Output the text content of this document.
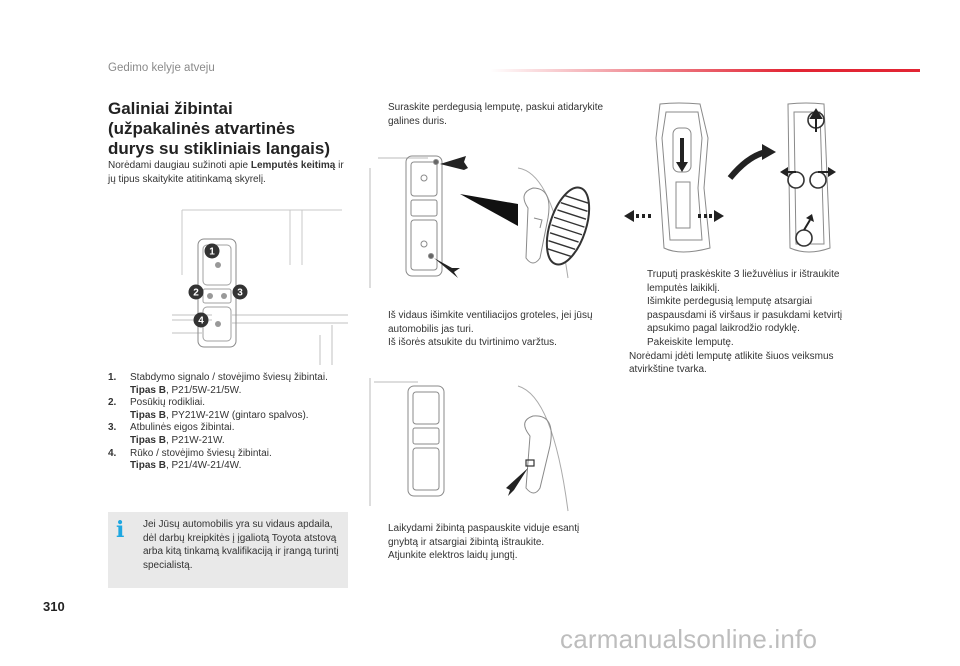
Gedimo kelyje atveju
Galiniai žibintai
(užpakalinės atvartinės
durys su stikliniais langais)
Norėdami daugiau sužinoti apie Lemputės keitimą ir jų tipus skaitykite atitinkamą skyrelį.
1
2	3
4
1. Stabdymo signalo / stovėjimo šviesų žibintai.
Tipas B, P21/5W-21/5W.
2. Posūkių rodikliai.
Tipas B, PY21W-21W (gintaro spalvos).
3. Atbulinės eigos žibintai.
Tipas B, P21W-21W.
4. Rūko / stovėjimo šviesų žibintai.
Tipas B, P21/4W-21/4W.
i Jei Jūsų automobilis yra su vidaus apdaila, dėl darbų kreipkitės į įgaliotą Toyota atstovą arba kitą tinkamą kvalifikaciją ir įrangą turintį specialistą.
Suraskite perdegusią lemputę, paskui atidarykite galines duris.
Iš vidaus išimkite ventiliacijos groteles, jei jūsų automobilis jas turi.
Iš išorės atsukite du tvirtinimo varžtus.
Laikydami žibintą paspauskite viduje esantį gnybtą ir atsargiai žibintą ištraukite.
Atjunkite elektros laidų jungtį.
Truputį praskėskite 3 liežuvėlius ir ištraukite lemputės laikiklį.
Išimkite perdegusią lemputę atsargiai paspausdami iš viršaus ir pasukdami ketvirtį apsukimo pagal laikrodžio rodyklę.
Pakeiskite lemputę.
Norėdami įdėti lemputę atlikite šiuos veiksmus atvirkštine tvarka.
310
carmanualsonline.info
